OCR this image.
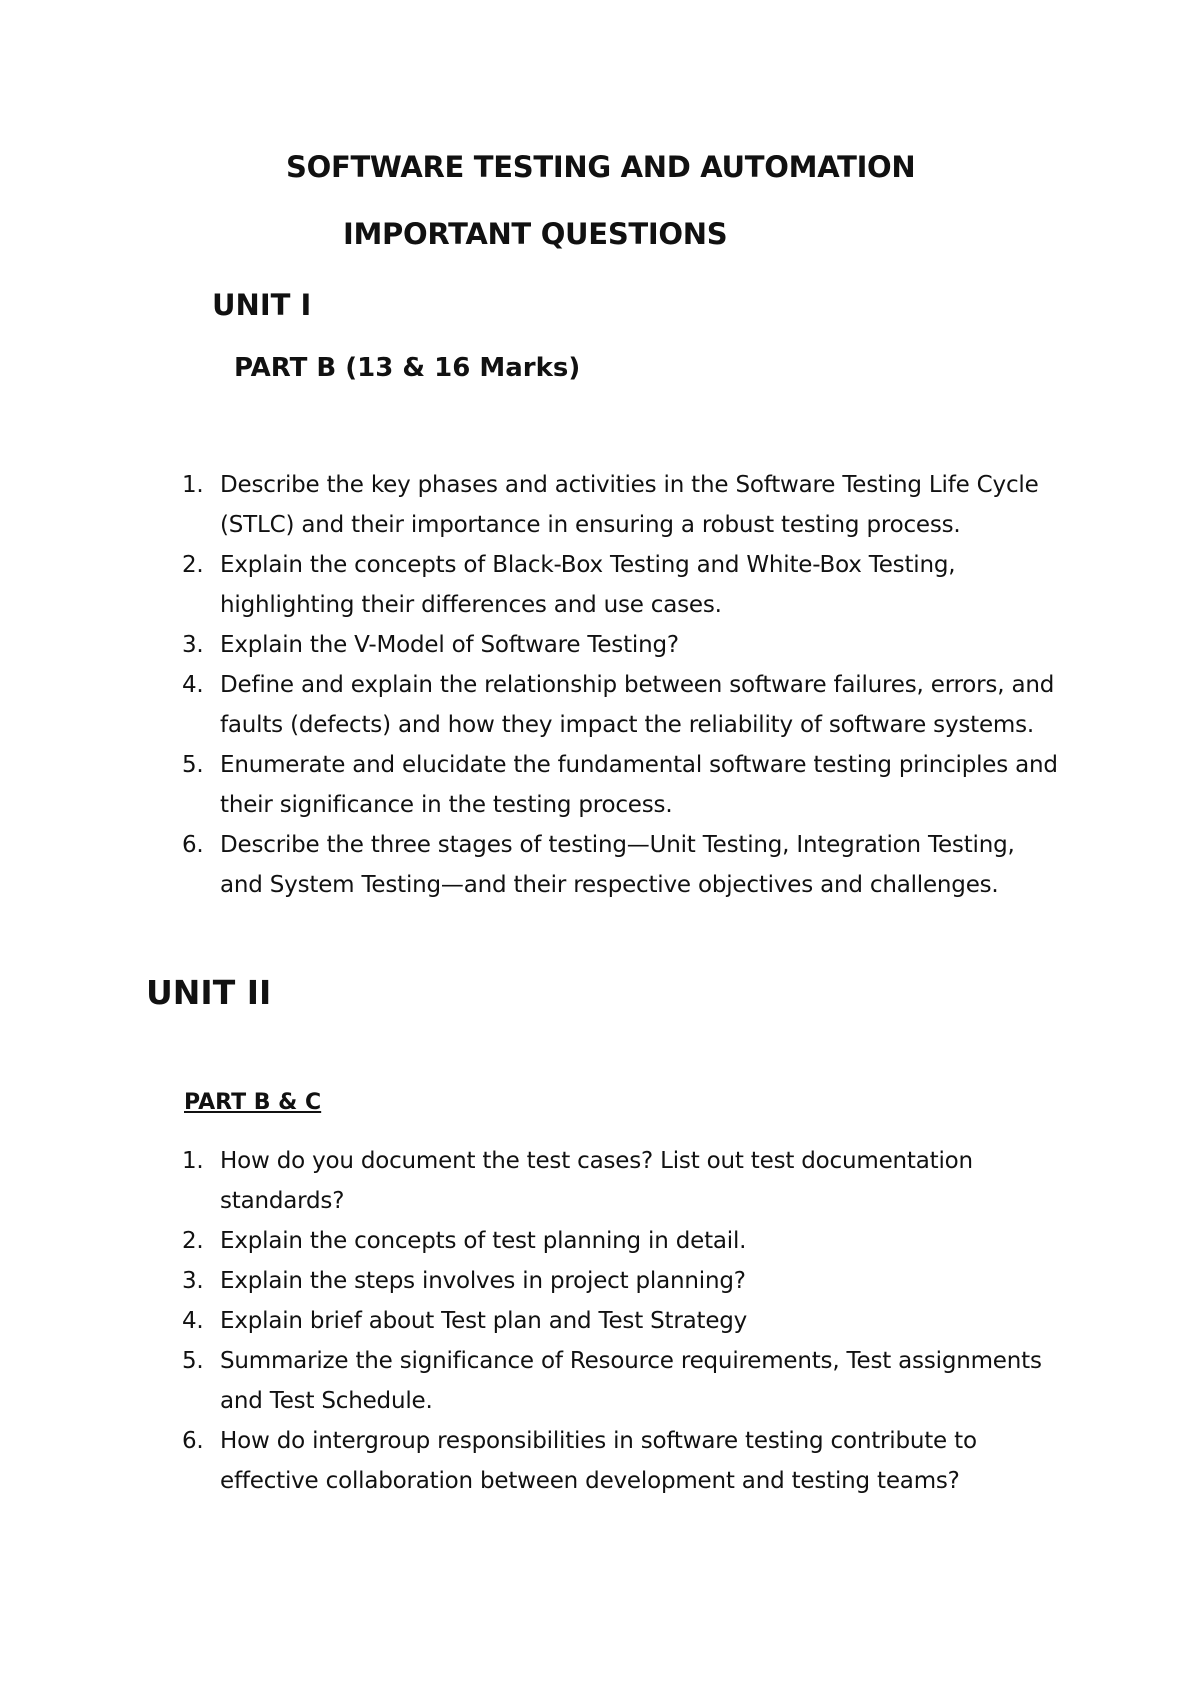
SOFTWARE TESTING AND AUTOMATION
IMPORTANT QUESTIONS
UNIT I
PART B (13 & 16 Marks)
1. Describe the key phases and activities in the Software Testing Life Cycle (STLC) and their importance in ensuring a robust testing process.
2. Explain the concepts of Black-Box Testing and White-Box Testing, highlighting their differences and use cases.
3. Explain the V-Model of Software Testing?
4. Define and explain the relationship between software failures, errors, and faults (defects) and how they impact the reliability of software systems.
5. Enumerate and elucidate the fundamental software testing principles and their significance in the testing process.
6. Describe the three stages of testing—Unit Testing, Integration Testing, and System Testing—and their respective objectives and challenges.
UNIT II
PART B & C
1. How do you document the test cases? List out test documentation standards?
2. Explain the concepts of test planning in detail.
3. Explain the steps involves in project planning?
4. Explain brief about Test plan and Test Strategy
5. Summarize the significance of Resource requirements, Test assignments and Test Schedule.
6. How do intergroup responsibilities in software testing contribute to effective collaboration between development and testing teams?
